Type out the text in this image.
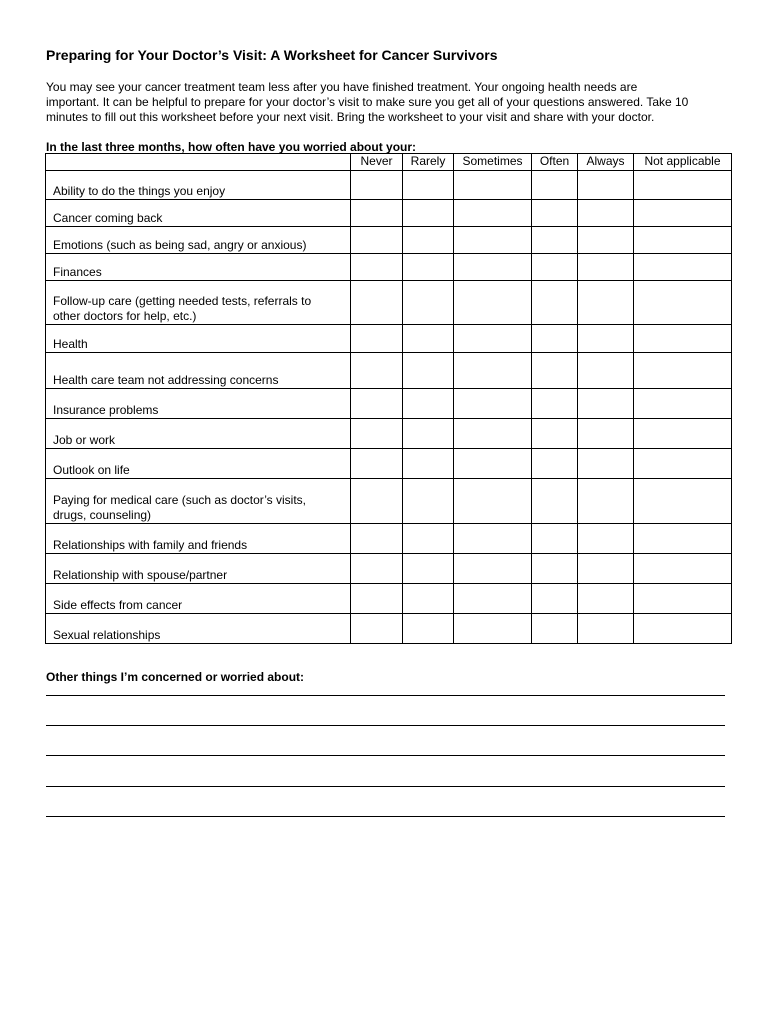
Preparing for Your Doctor’s Visit: A Worksheet for Cancer Survivors
You may see your cancer treatment team less after you have finished treatment. Your ongoing health needs are
important. It can be helpful to prepare for your doctor’s visit to make sure you get all of your questions answered. Take 10
minutes to fill out this worksheet before your next visit. Bring the worksheet to your visit and share with your doctor.
In the last three months, how often have you worried about your:
	Never	Rarely	Sometimes	Often	Always	Not applicable

Ability to do the things you enjoy						

Cancer coming back						

Emotions (such as being sad, angry or anxious)						

Finances						

Follow-up care (getting needed tests, referrals to
other doctors for help, etc.)						

Health						

Health care team not addressing concerns						

Insurance problems						

Job or work						

Outlook on life						

Paying for medical care (such as doctor’s visits,
drugs, counseling)						

Relationships with family and friends						

Relationship with spouse/partner						

Side effects from cancer						

Sexual relationships						

Other things I’m concerned or worried about:
